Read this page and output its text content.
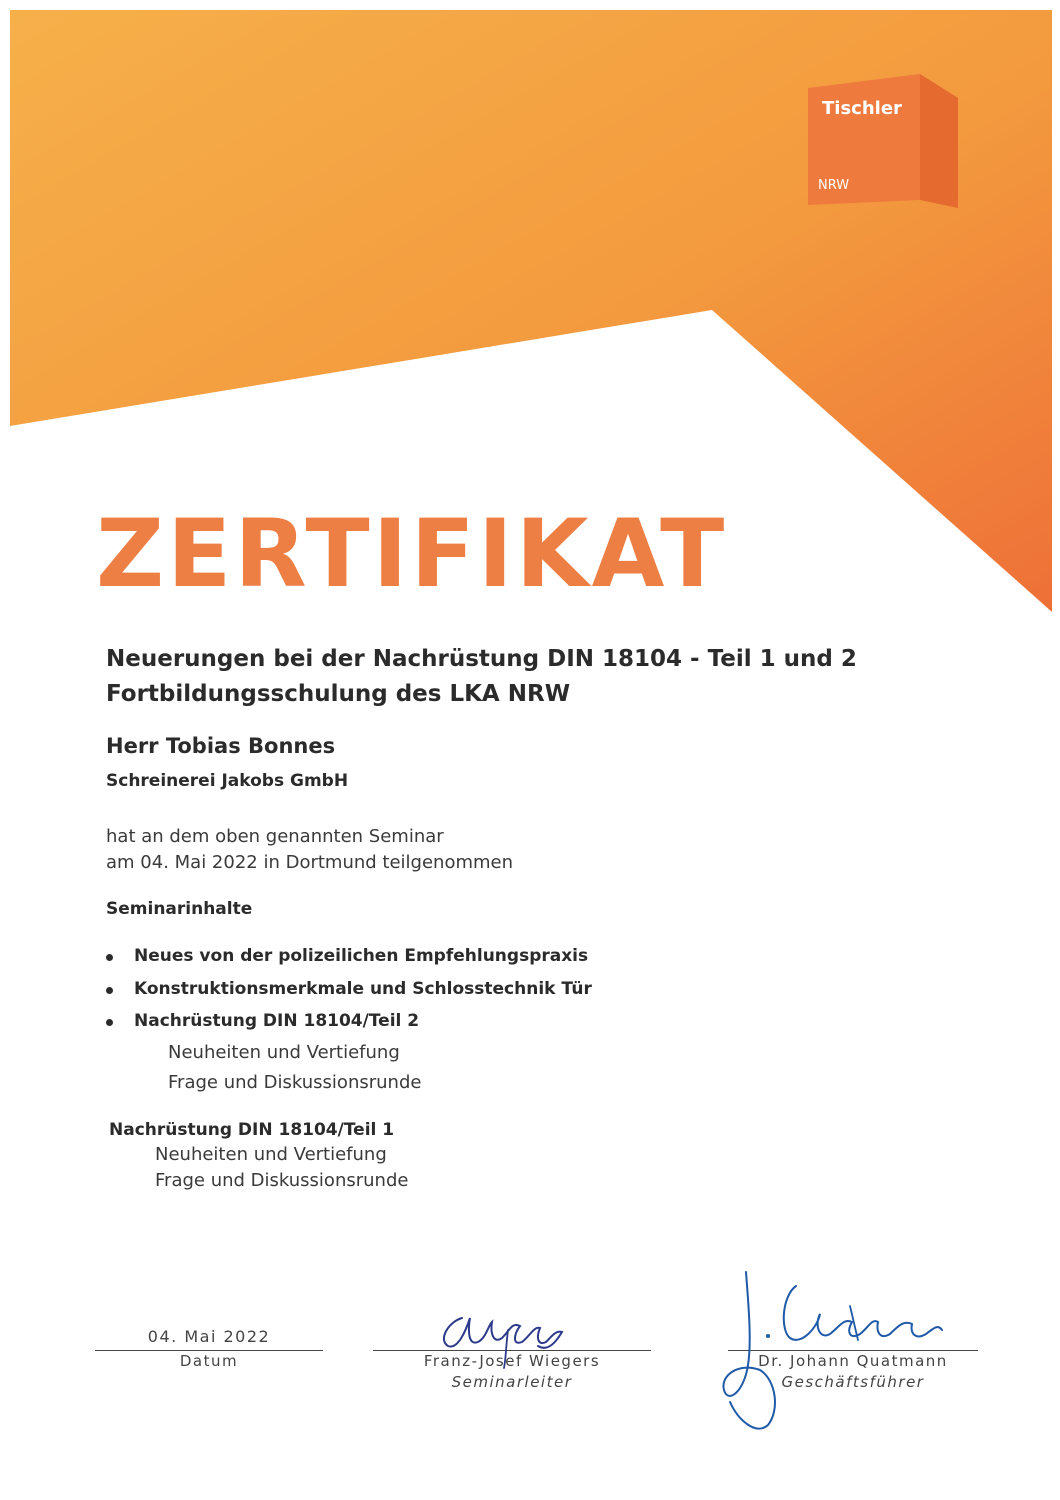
Tischler
NRW
ZERTIFIKAT
Neuerungen bei der Nachrüstung DIN 18104 - Teil 1 und 2
Fortbildungsschulung des LKA NRW
Herr Tobias Bonnes
Schreinerei Jakobs GmbH
hat an dem oben genannten Seminar
am 04. Mai 2022 in Dortmund teilgenommen
Seminarinhalte
Neues von der polizeilichen Empfehlungspraxis
Konstruktionsmerkmale und Schlosstechnik Tür
Nachrüstung DIN 18104/Teil 2
Neuheiten und Vertiefung
Frage und Diskussionsrunde
Nachrüstung DIN 18104/Teil 1
Neuheiten und Vertiefung
Frage und Diskussionsrunde
04. Mai 2022
Datum	Franz-Josef Wiegers
Seminarleiter
Dr. Johann Quatmann
Geschäftsführer
